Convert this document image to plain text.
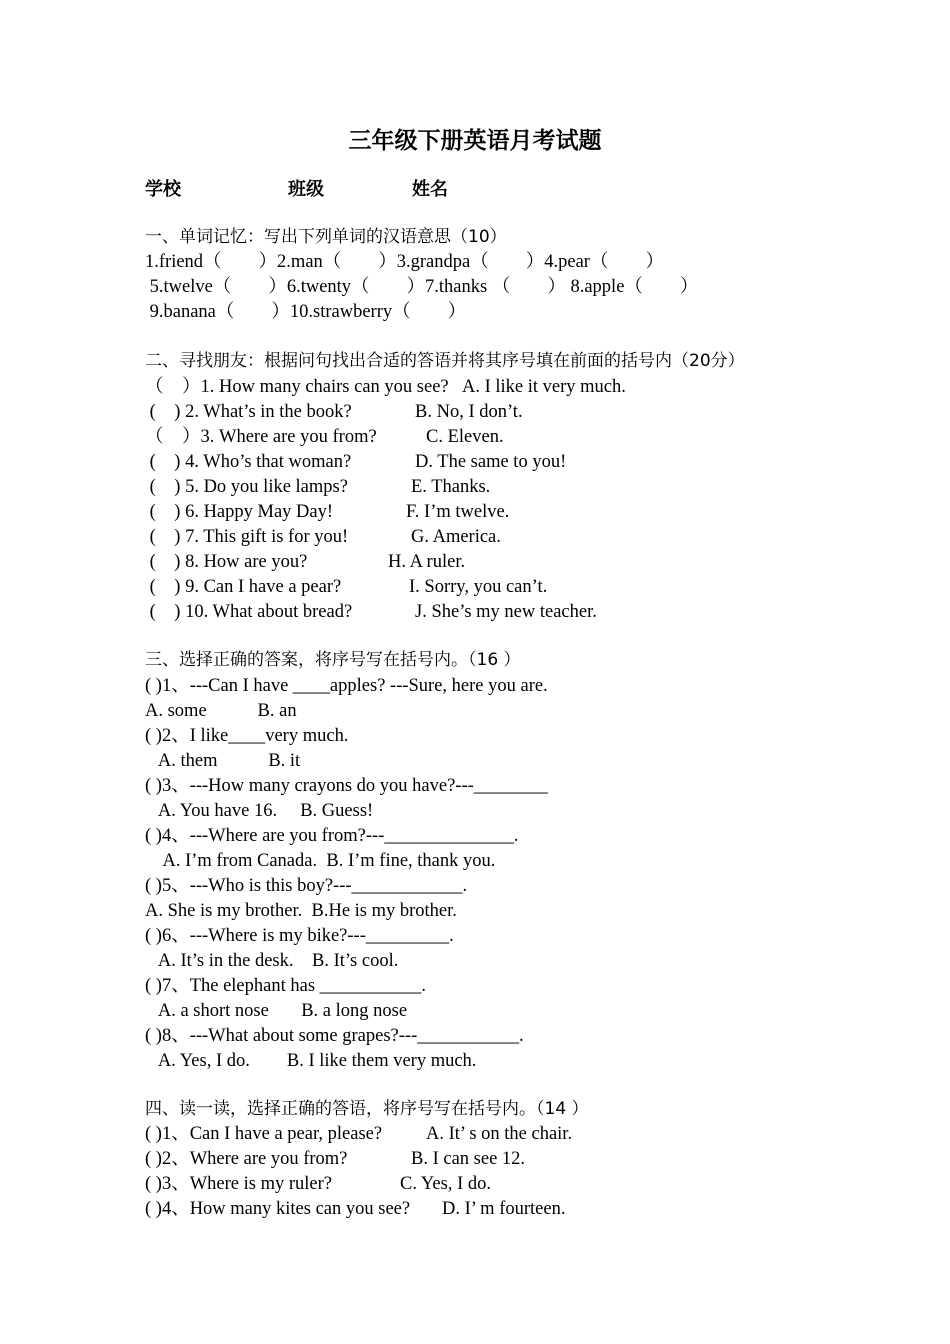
三年级下册英语月考试题
学校	班级	姓名
一、单词记忆：写出下列单词的汉语意思（10）
1.friend（　　）2.man（　　）3.grandpa（　　）4.pear（　　）
5.twelve（　　）6.twenty（　　）7.thanks （　　） 8.apple（　　）
9.banana（　　）10.strawberry（　　）
二、寻找朋友：根据问句找出合适的答语并将其序号填在前面的括号内（20分）
（　）1. How many chairs can you see? A. I like it very much.
(　) 2. What’s in the book?	B. No, I don’t.
（　）3. Where are you from?	C. Eleven.
(　) 4. Who’s that woman?	D. The same to you!
(　) 5. Do you like lamps?	E. Thanks.
(　) 6. Happy May Day!	F. I’m twelve.
(　) 7. This gift is for you!	G. America.
(　) 8. How are you?	H. A ruler.
(　) 9. Can I have a pear?	I. Sorry, you can’t.
(　) 10. What about bread?	J. She’s my new teacher.
三、选择正确的答案，将序号写在括号内。（16 ）
( )1、---Can I have ____apples? ---Sure, here you are.
A. some           B. an
( )2、I like____very much.
A. them           B. it
( )3、---How many crayons do you have?---________
A. You have 16.     B. Guess!
( )4、---Where are you from?---______________.
A. I’m from Canada.  B. I’m fine, thank you.
( )5、---Who is this boy?---____________.
A. She is my brother.  B.He is my brother.
( )6、---Where is my bike?---_________.
A. It’s in the desk.    B. It’s cool.
( )7、The elephant has ___________.
A. a short nose       B. a long nose
( )8、---What about some grapes?---___________.
A. Yes, I do.        B. I like them very much.
四、读一读，选择正确的答语，将序号写在括号内。（14 ）
( )1、Can I have a pear, please? A. It’ s on the chair.
( )2、Where are you from?	B. I can see 12.
( )3、Where is my ruler?	C. Yes, I do.
( )4、How many kites can you see? D. I’ m fourteen.
